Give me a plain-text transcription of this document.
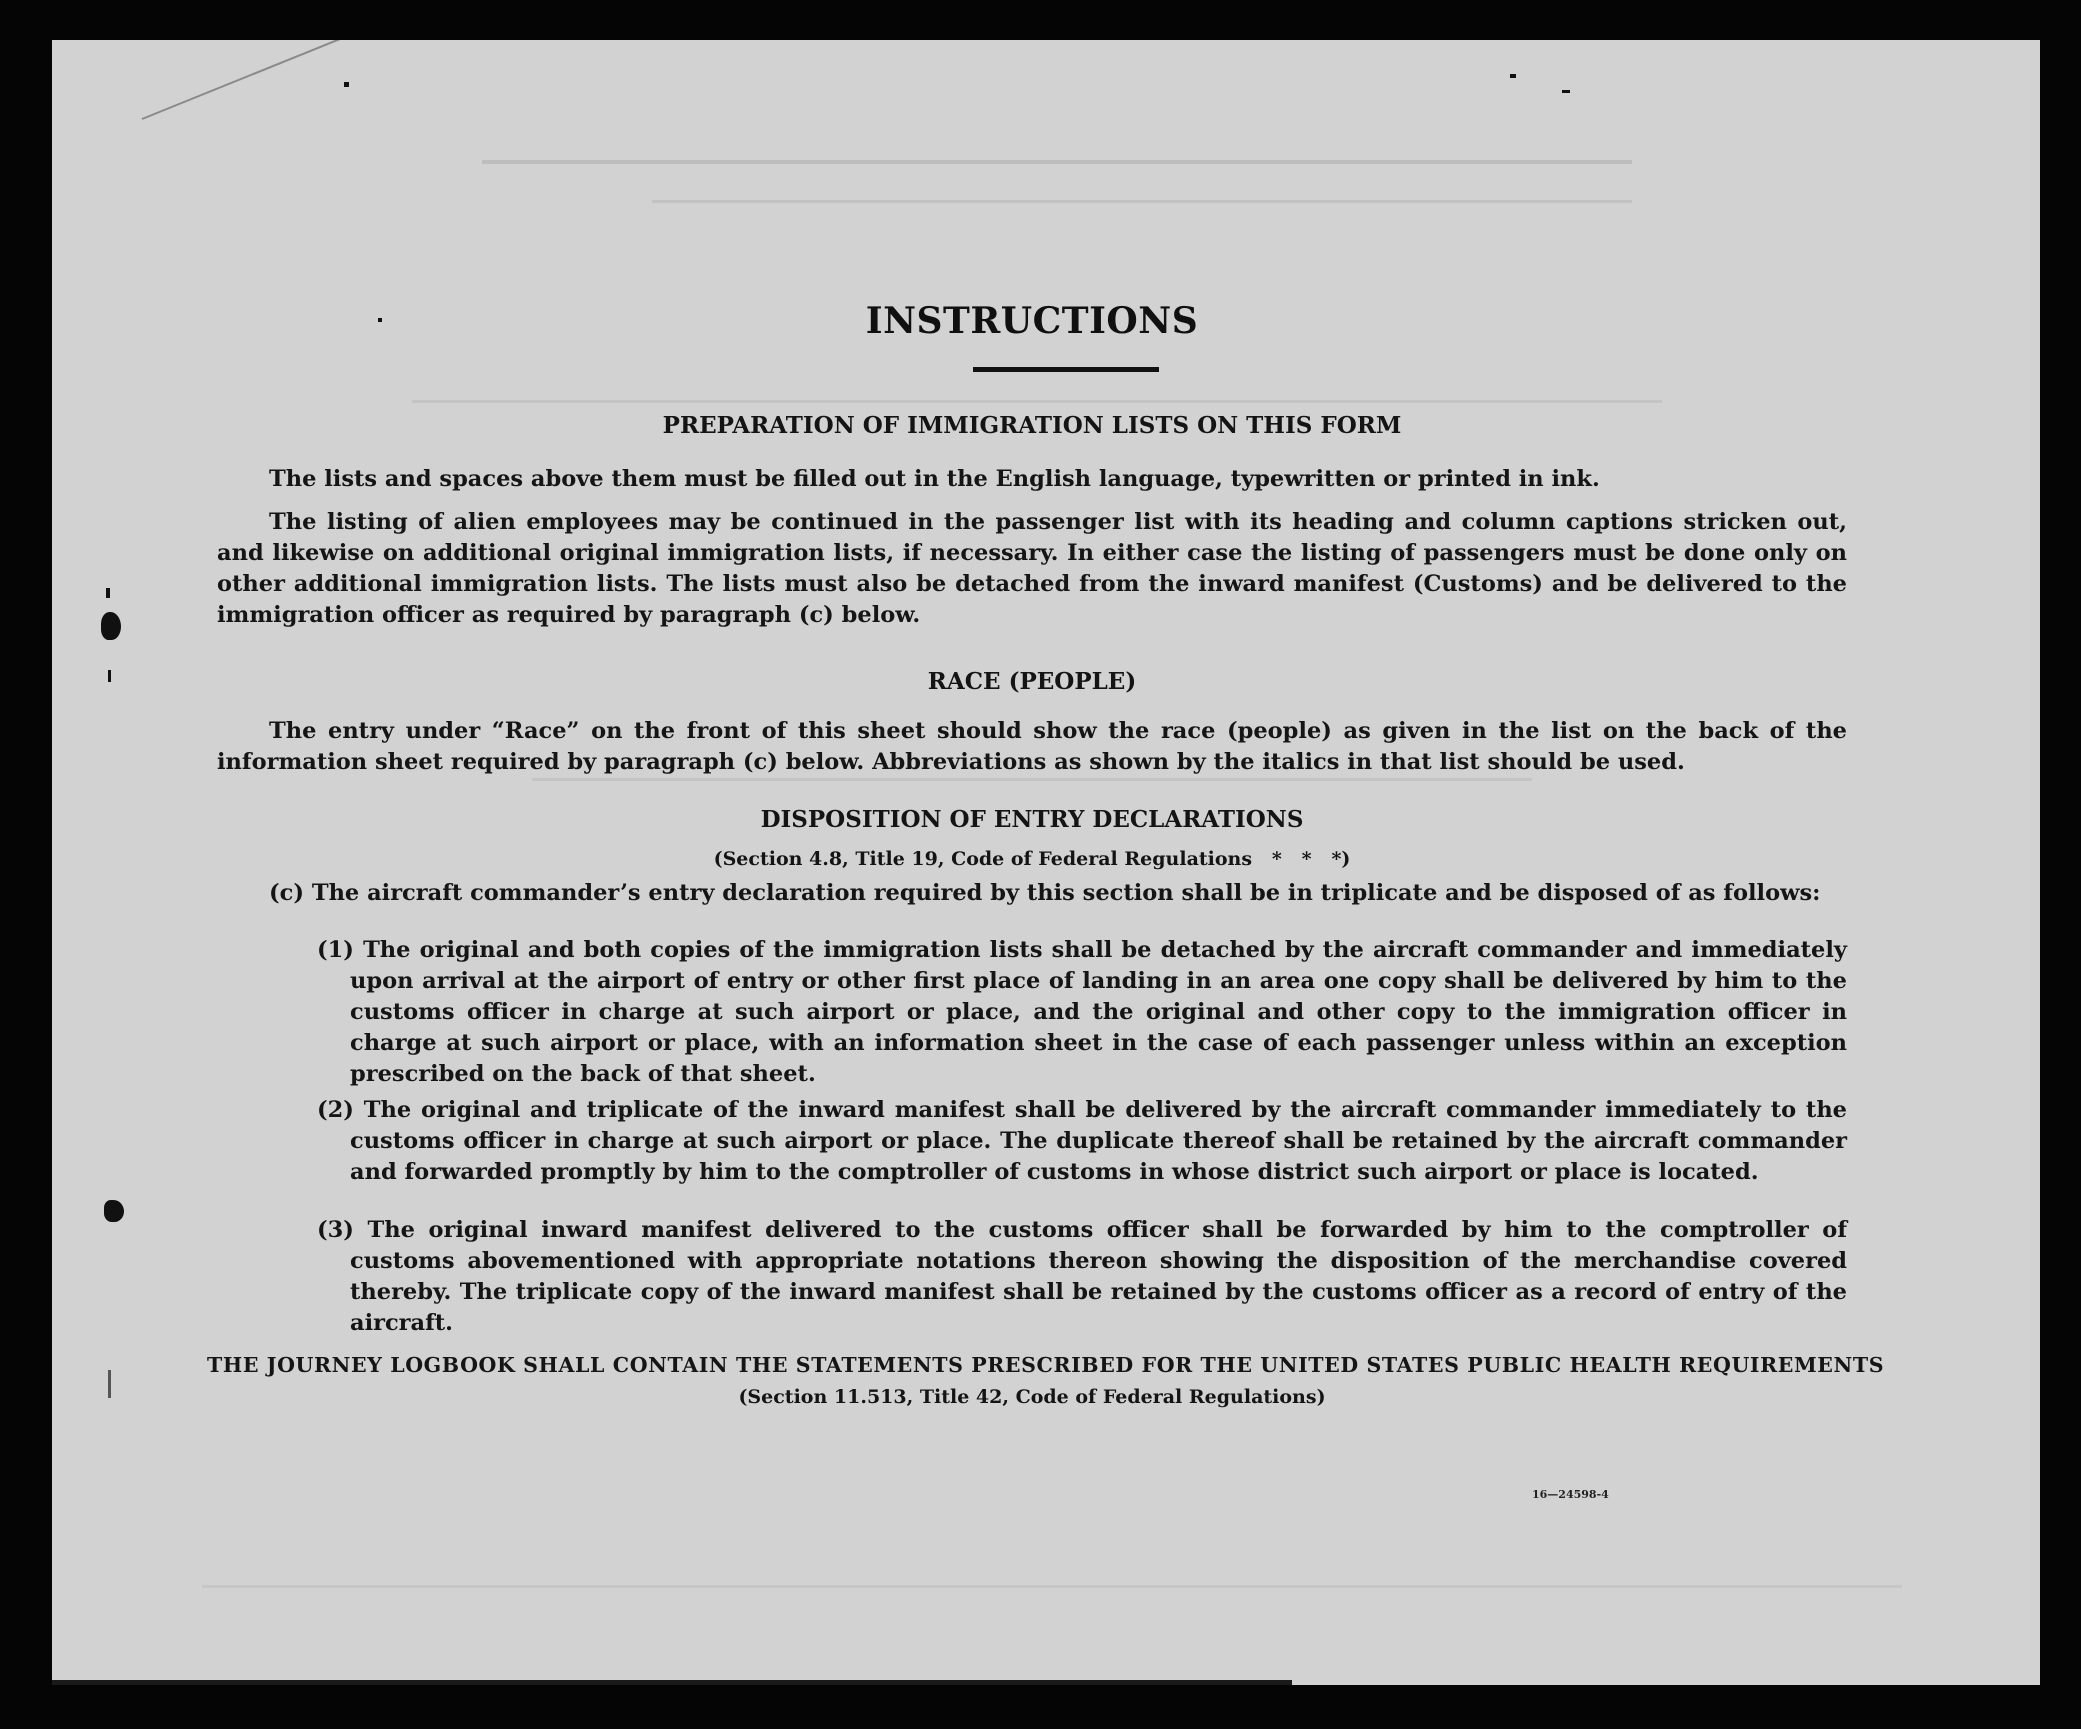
INSTRUCTIONS
PREPARATION OF IMMIGRATION LISTS ON THIS FORM
The lists and spaces above them must be filled out in the English language, typewritten or printed in ink.
The listing of alien employees may be continued in the passenger list with its heading and column captions stricken out, and likewise on additional original immigration lists, if necessary. In either case the listing of passengers must be done only on other additional immigration lists. The lists must also be detached from the inward manifest (Customs) and be delivered to the immigration officer as required by paragraph (c) below.
RACE (PEOPLE)
The entry under “Race” on the front of this sheet should show the race (people) as given in the list on the back of the information sheet required by paragraph (c) below. Abbreviations as shown by the italics in that list should be used.
DISPOSITION OF ENTRY DECLARATIONS
(Section 4.8, Title 19, Code of Federal Regulations   *   *   *)
(c) The aircraft commander’s entry declaration required by this section shall be in triplicate and be disposed of as follows:
(1) The original and both copies of the immigration lists shall be detached by the aircraft commander and immediately upon arrival at the airport of entry or other first place of landing in an area one copy shall be delivered by him to the customs officer in charge at such airport or place, and the original and other copy to the immigration officer in charge at such airport or place, with an information sheet in the case of each passenger unless within an exception prescribed on the back of that sheet.
(2) The original and triplicate of the inward manifest shall be delivered by the aircraft commander immediately to the customs officer in charge at such airport or place. The duplicate thereof shall be retained by the aircraft commander and forwarded promptly by him to the comptroller of customs in whose district such airport or place is located.
(3) The original inward manifest delivered to the customs officer shall be forwarded by him to the comptroller of customs abovementioned with appropriate notations thereon showing the disposition of the merchandise covered thereby. The triplicate copy of the inward manifest shall be retained by the customs officer as a record of entry of the aircraft.
THE JOURNEY LOGBOOK SHALL CONTAIN THE STATEMENTS PRESCRIBED FOR THE UNITED STATES PUBLIC HEALTH REQUIREMENTS
(Section 11.513, Title 42, Code of Federal Regulations)
16—24598-4
